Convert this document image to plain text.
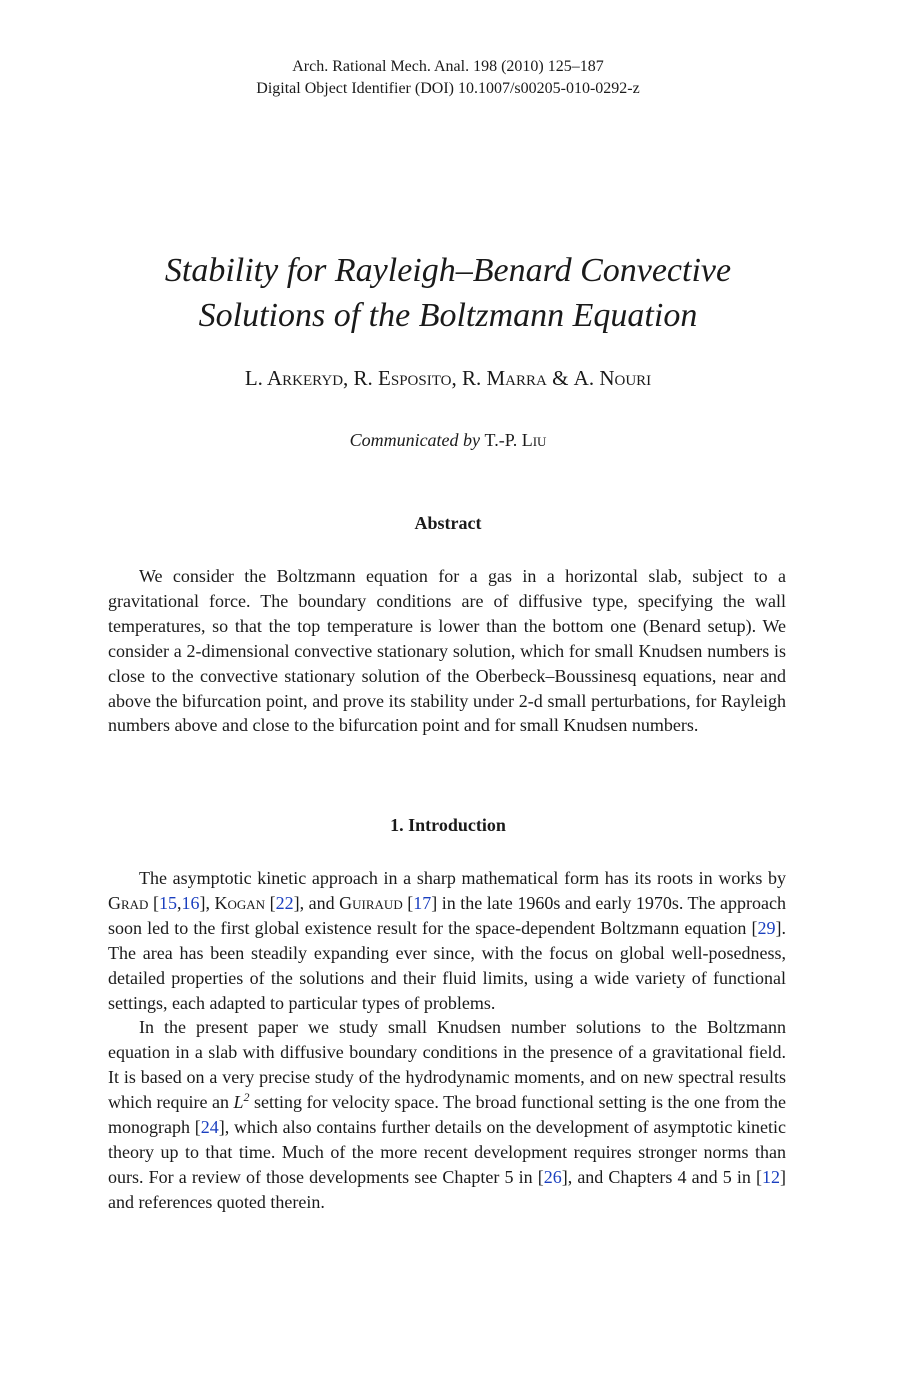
Arch. Rational Mech. Anal. 198 (2010) 125–187
Digital Object Identifier (DOI) 10.1007/s00205-010-0292-z
Stability for Rayleigh–Benard Convective
Solutions of the Boltzmann Equation
L. Arkeryd, R. Esposito, R. Marra & A. Nouri
Communicated by T.-P. Liu
Abstract

We consider the Boltzmann equation for a gas in a horizontal slab, subject to a gravitational force. The boundary conditions are of diffusive type, specifying the wall temperatures, so that the top temperature is lower than the bottom one (Benard setup). We consider a 2-dimensional convective stationary solution, which for small Knudsen numbers is close to the convective stationary solution of the Oberbeck–Boussinesq equations, near and above the bifurcation point, and prove its stability under 2-d small perturbations, for Rayleigh numbers above and close to the bifurcation point and for small Knudsen numbers.

1. Introduction

The asymptotic kinetic approach in a sharp mathematical form has its roots in works by Grad [15,16], Kogan [22], and Guiraud [17] in the late 1960s and early 1970s. The approach soon led to the first global existence result for the space-dependent Boltzmann equation [29]. The area has been steadily expanding ever since, with the focus on global well-posedness, detailed properties of the solutions and their fluid limits, using a wide variety of functional settings, each adapted to particular types of problems.

In the present paper we study small Knudsen number solutions to the Boltzmann equation in a slab with diffusive boundary conditions in the presence of a gravitational field. It is based on a very precise study of the hydrodynamic moments, and on new spectral results which require an $L^2$ setting for velocity space. The broad functional setting is the one from the monograph [24], which also contains further details on the development of asymptotic kinetic theory up to that time. Much of the more recent development requires stronger norms than ours. For a review of those developments see Chapter 5 in [26], and Chapters 4 and 5 in [12] and references quoted therein.
